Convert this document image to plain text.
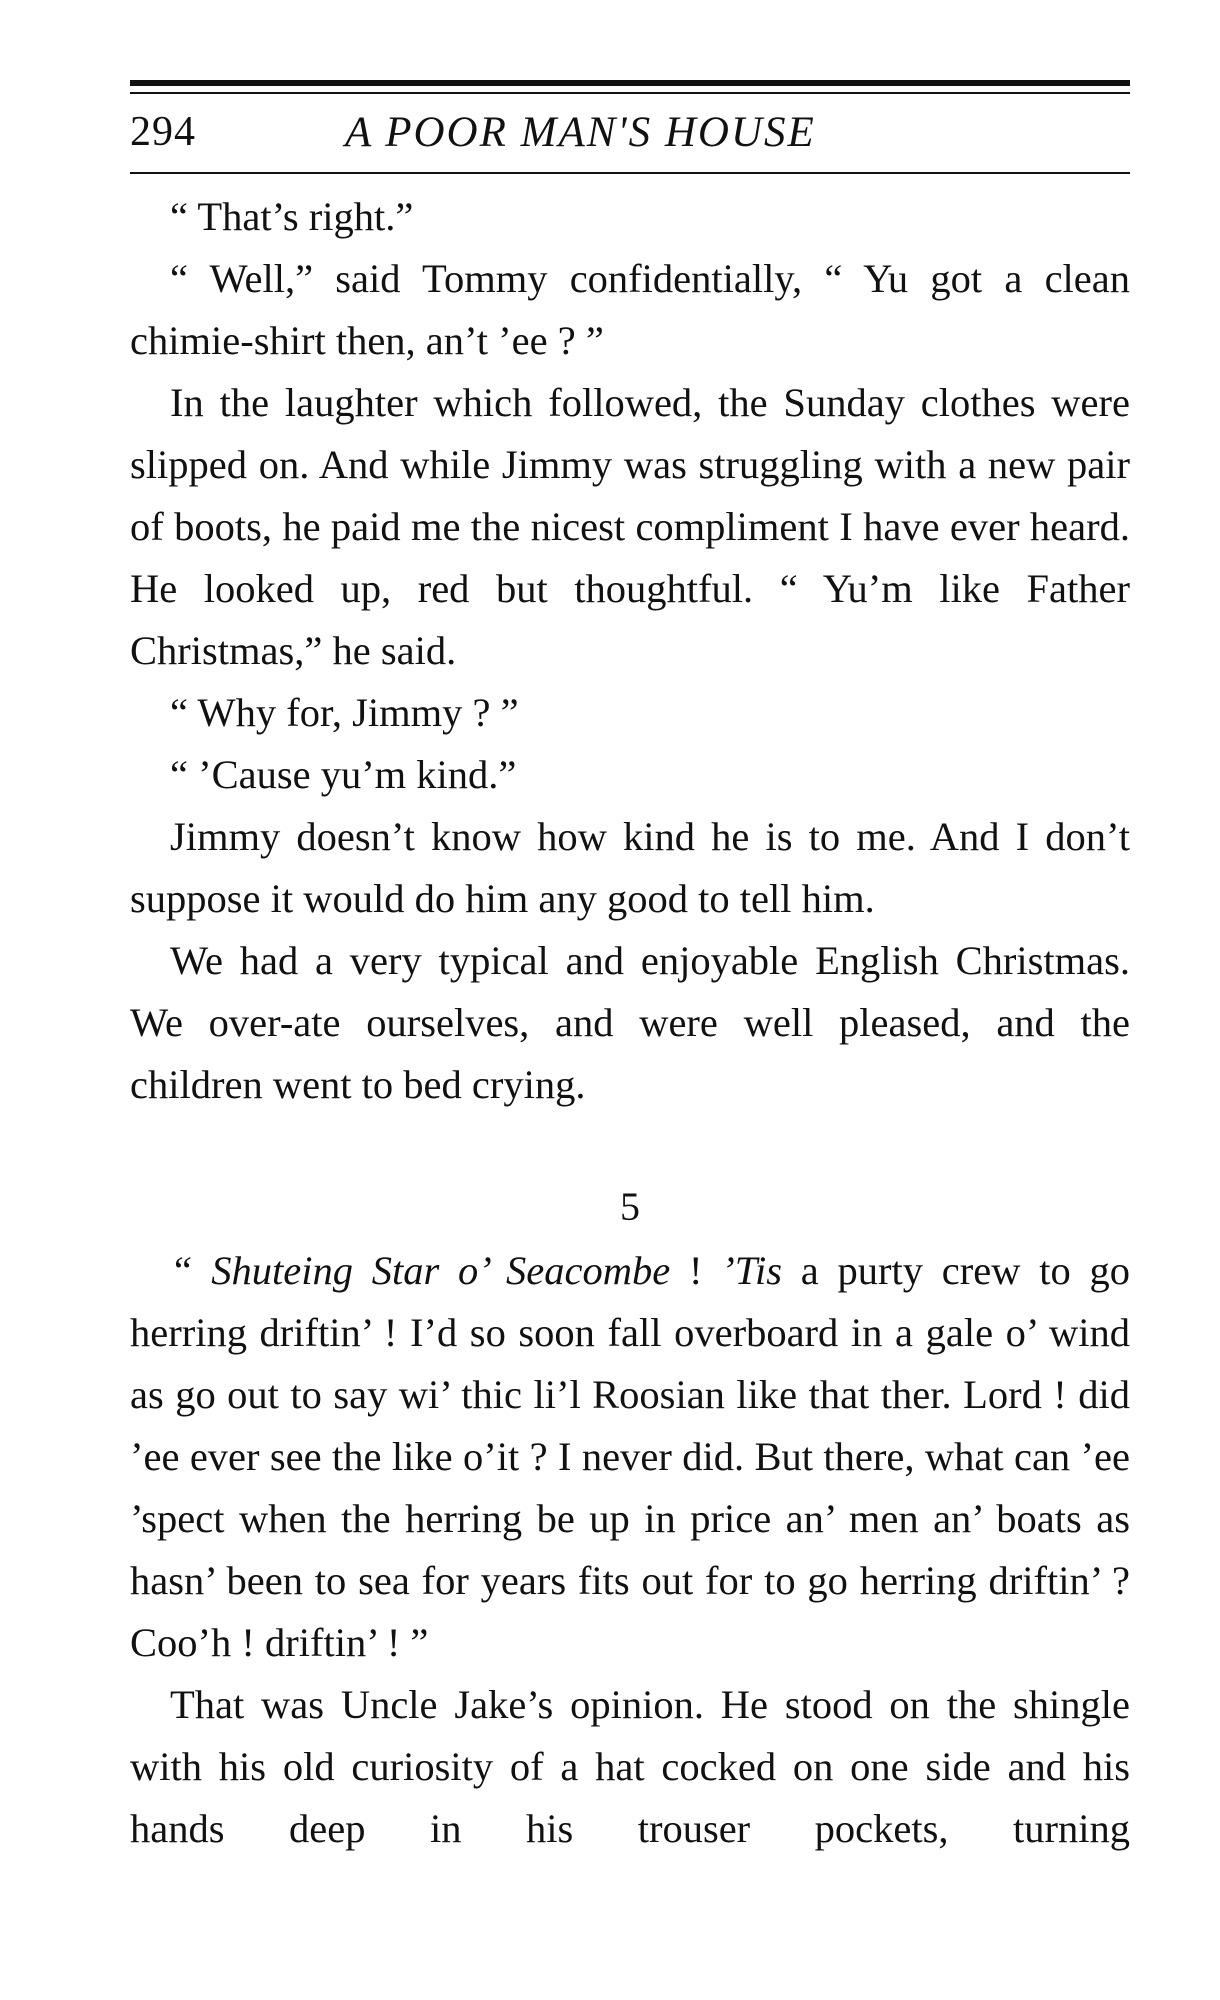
294	A POOR MAN'S HOUSE

“ That’s right.”

“ Well,” said Tommy confidentially, “ Yu got a clean chimie-shirt then, an’t ’ee ? ”

In the laughter which followed, the Sunday clothes were slipped on. And while Jimmy was struggling with a new pair of boots, he paid me the nicest compliment I have ever heard. He looked up, red but thoughtful. “ Yu’m like Father Christmas,” he said.

“ Why for, Jimmy ? ”

“ ’Cause yu’m kind.”

Jimmy doesn’t know how kind he is to me. And I don’t suppose it would do him any good to tell him.

We had a very typical and enjoyable English Christmas. We over-ate ourselves, and were well pleased, and the children went to bed crying.

5

“ Shuteing Star o’ Seacombe ! ’Tis a purty crew to go herring driftin’ ! I’d so soon fall overboard in a gale o’ wind as go out to say wi’ thic li’l Roosian like that ther. Lord ! did ’ee ever see the like o’it ? I never did. But there, what can ’ee ’spect when the herring be up in price an’ men an’ boats as hasn’ been to sea for years fits out for to go herring driftin’ ? Coo’h ! driftin’ ! ”

That was Uncle Jake’s opinion. He stood on the shingle with his old curiosity of a hat cocked on one side and his hands deep in his trouser pockets, turning
